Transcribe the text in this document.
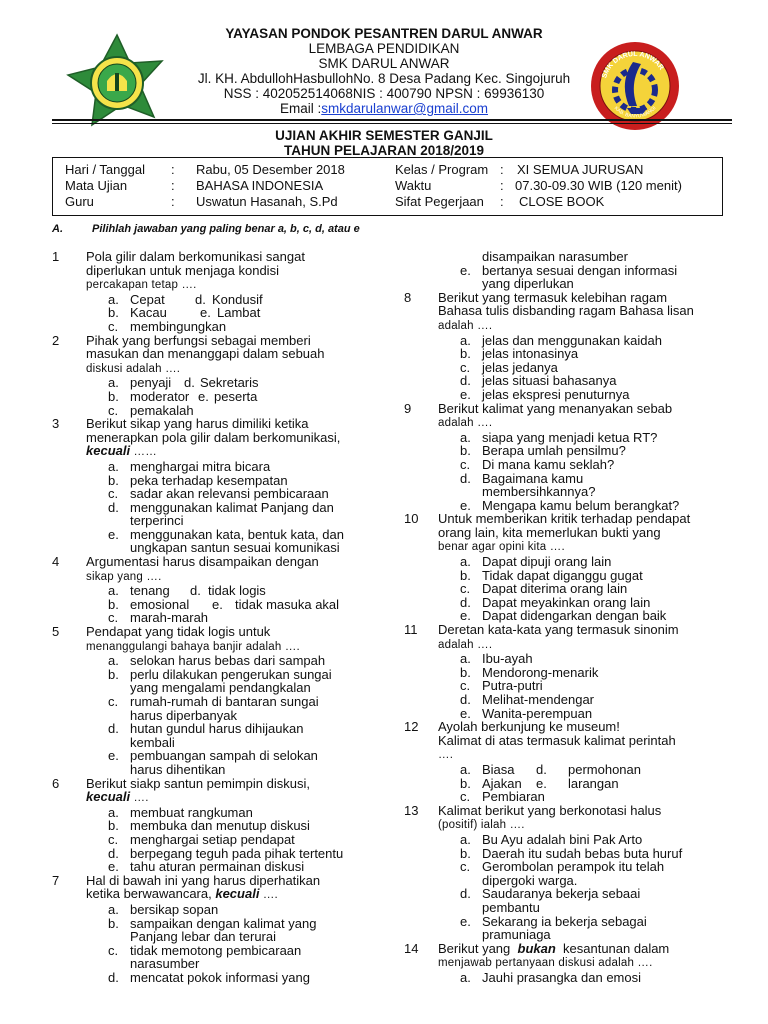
SMK DARUL ANWAR
KAB. BANYUWANGI
YAYASAN PONDOK PESANTREN DARUL ANWAR
LEMBAGA PENDIDIKAN
SMK DARUL ANWAR
Jl. KH. AbdullohHasbullohNo. 8 Desa Padang Kec. Singojuruh
NSS : 402052514068NIS : 400790 NPSN : 69936130
Email :smkdarulanwar@gmail.com
UJIAN AKHIR SEMESTER GANJIL
TAHUN PELAJARAN 2018/2019
Hari / Tanggal : Rabu, 05 Desember 2018	Kelas / Program : XI SEMUA JURUSAN
Mata Ujian	: BAHASA INDONESIA	Waktu	: 07.30-09.30 WIB (120 menit)
Guru	: Uswatun Hasanah, S.Pd	Sifat Pegerjaan : CLOSE BOOK
A.	Pilihlah jawaban yang paling benar a, b, c, d, atau e
1 Pola gilir dalam berkomunikasi sangat
diperlukan untuk menjaga kondisi
percakapan tetap ….
a. Cepat d. Kondusif
b. Kacau	e. Lambat
c. membingungkan
2 Pihak yang berfungsi sebagai memberi
masukan dan menanggapi dalam sebuah
diskusi adalah ….
a. penyaji d. Sekretaris
b. moderator e. peserta
c. pemakalah
3 Berikut sikap yang harus dimiliki ketika
menerapkan pola gilir dalam berkomunikasi,
kecuali ……
a. menghargai mitra bicara
b. peka terhadap kesempatan
c. sadar akan relevansi pembicaraan
d. menggunakan kalimat Panjang dan
terperinci
e. menggunakan kata, bentuk kata, dan
ungkapan santun sesuai komunikasi
4 Argumentasi harus disampaikan dengan
sikap yang ….
a. tenang d. tidak logis
b. emosional e. tidak masuka akal
c. marah-marah
5 Pendapat yang tidak logis untuk
menanggulangi bahaya banjir adalah ….
a. selokan harus bebas dari sampah
b. perlu dilakukan pengerukan sungai
yang mengalami pendangkalan
c. rumah-rumah di bantaran sungai
harus diperbanyak
d. hutan gundul harus dihijaukan
kembali
e. pembuangan sampah di selokan
harus dihentikan
6 Berikut siakp santun pemimpin diskusi,
kecuali ….
a. membuat rangkuman
b. membuka dan menutup diskusi
c. menghargai setiap pendapat
d. berpegang teguh pada pihak tertentu
e. tahu aturan permainan diskusi
7 Hal di bawah ini yang harus diperhatikan
ketika berwawancara, kecuali ….
a. bersikap sopan
b. sampaikan dengan kalimat yang
Panjang lebar dan terurai
c. tidak memotong pembicaraan
narasumber
d. mencatat pokok informasi yang
disampaikan narasumber
e. bertanya sesuai dengan informasi
yang diperlukan
8 Berikut yang termasuk kelebihan ragam
Bahasa tulis disbanding ragam Bahasa lisan
adalah ….
a. jelas dan menggunakan kaidah
b. jelas intonasinya
c. jelas jedanya
d. jelas situasi bahasanya
e. jelas ekspresi penuturnya
9 Berikut kalimat yang menanyakan sebab
adalah ….
a. siapa yang menjadi ketua RT?
b. Berapa umlah pensilmu?
c. Di mana kamu seklah?
d. Bagaimana kamu
membersihkannya?
e. Mengapa kamu belum berangkat?
10 Untuk memberikan kritik terhadap pendapat
orang lain, kita memerlukan bukti yang
benar agar opini kita ….
a. Dapat dipuji orang lain
b. Tidak dapat diganggu gugat
c. Dapat diterima orang lain
d. Dapat meyakinkan orang lain
e. Dapat didengarkan dengan baik
11 Deretan kata-kata yang termasuk sinonim
adalah ….
a. Ibu-ayah
b. Mendorong-menarik
c. Putra-putri
d. Melihat-mendengar
e. Wanita-perempuan
12 Ayolah berkunjung ke museum!
Kalimat di atas termasuk kalimat perintah
….
a. Biasa d. permohonan
b. Ajakan e. larangan
c. Pembiaran
13 Kalimat berikut yang berkonotasi halus
(positif) ialah ….
a. Bu Ayu adalah bini Pak Arto
b. Daerah itu sudah bebas buta huruf
c. Gerombolan perampok itu telah
dipergoki warga.
d. Saudaranya bekerja sebaai
pembantu
e. Sekarang ia bekerja sebagai
pramuniaga
14 Berikut yang  bukan  kesantunan dalam
menjawab pertanyaan diskusi adalah ….
a. Jauhi prasangka dan emosi
